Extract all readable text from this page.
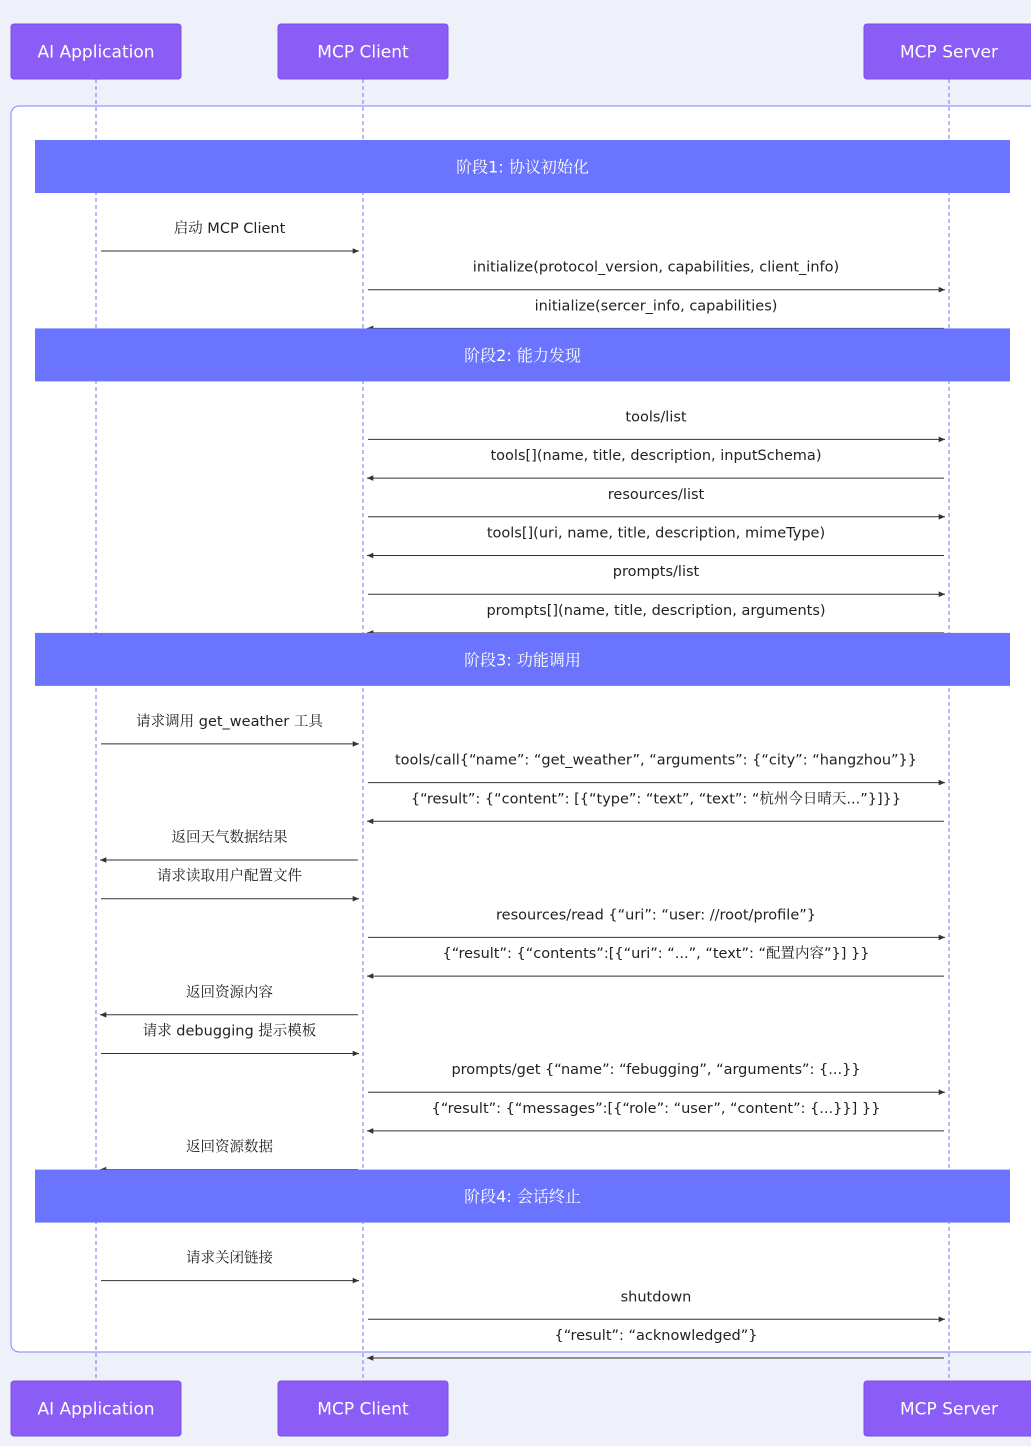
阶段1: 协议初始化
启动 MCP Client
initialize(protocol_version, capabilities, client_info)
initialize(sercer_info, capabilities)
阶段2: 能力发现
tools/list
tools[](name, title, description, inputSchema)
resources/list
tools[](uri, name, title, description, mimeType)
prompts/list
prompts[](name, title, description, arguments)
阶段3: 功能调用
请求调用 get_weather 工具
tools/call{“name”: “get_weather”, “arguments”: {“city”: “hangzhou”}}
{“result”: {“content”: [{“type”: “text”, “text”: “杭州今日晴天...”}]}}
返回天气数据结果
请求读取用户配置文件
resources/read {“uri”: “user: //root/profile”}
{“result”: {“contents”:[{“uri”: “...”, “text”: “配置内容”}] }}
返回资源内容
请求 debugging 提示模板
prompts/get {“name”: “febugging”, “arguments”: {...}}
{“result”: {“messages”:[{“role”: “user”, “content”: {...}}] }}
返回资源数据
阶段4: 会话终止
请求关闭链接
shutdown
{“result”: “acknowledged”}
AI Application	MCP Client	MCP Server
AI Application	MCP Client	MCP Server
